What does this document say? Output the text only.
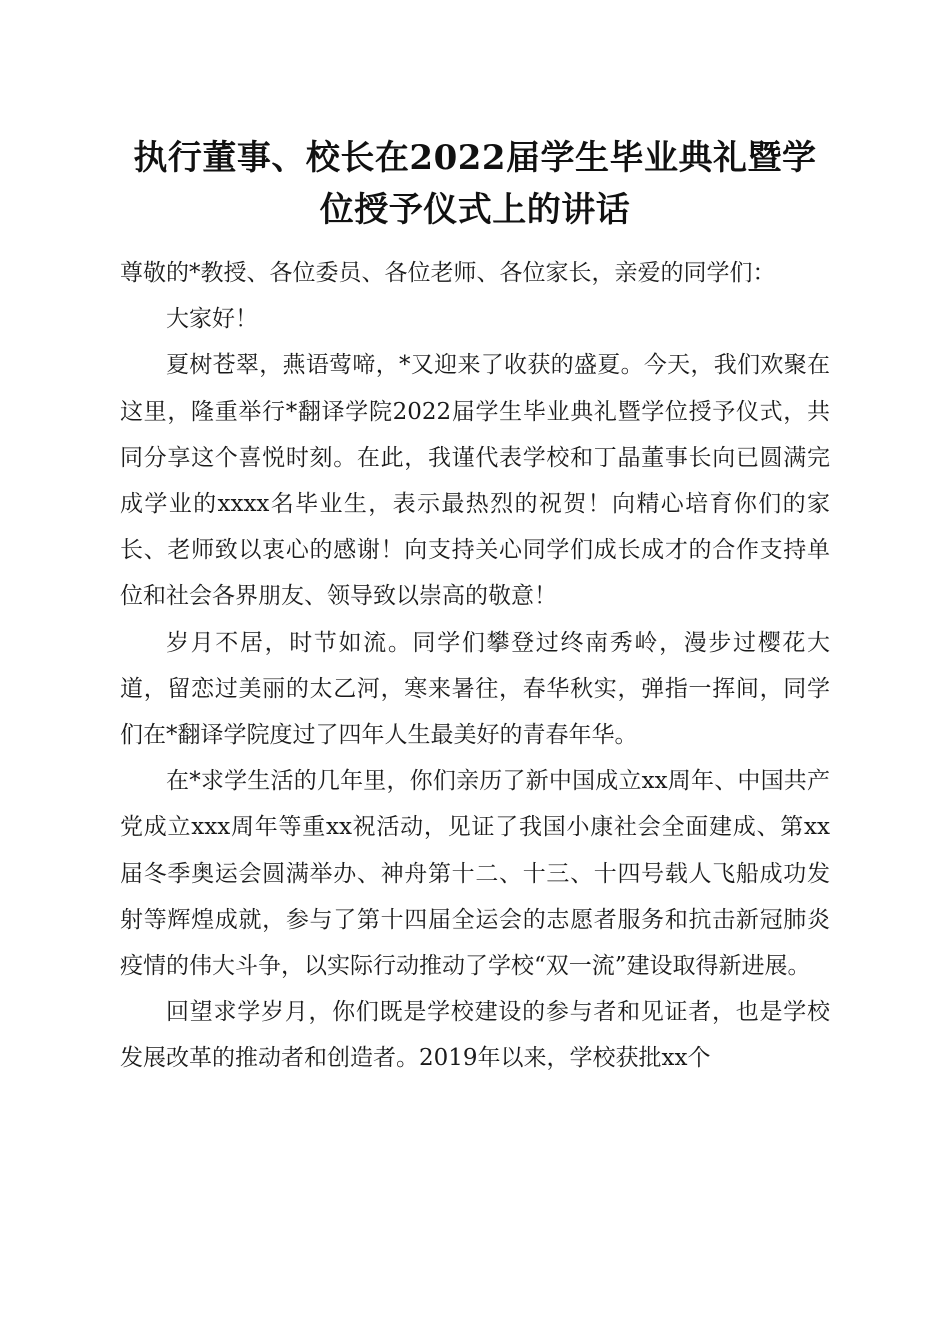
执行董事、校长在2022届学生毕业典礼暨学
位授予仪式上的讲话

尊敬的*教授、各位委员、各位老师、各位家长，亲爱的同学们：

大家好！

夏树苍翠，燕语莺啼，*又迎来了收获的盛夏。今天，我们欢聚在这里，隆重举行*翻译学院2022届学生毕业典礼暨学位授予仪式，共同分享这个喜悦时刻。在此，我谨代表学校和丁晶董事长向已圆满完成学业的xxxx名毕业生，表示最热烈的祝贺！向精心培育你们的家长、老师致以衷心的感谢！向支持关心同学们成长成才的合作支持单位和社会各界朋友、领导致以崇高的敬意！

岁月不居，时节如流。同学们攀登过终南秀岭，漫步过樱花大道，留恋过美丽的太乙河，寒来暑往，春华秋实，弹指一挥间，同学们在*翻译学院度过了四年人生最美好的青春年华。

在*求学生活的几年里，你们亲历了新中国成立xx周年、中国共产党成立xxx周年等重xx祝活动，见证了我国小康社会全面建成、第xx届冬季奥运会圆满举办、神舟第十二、十三、十四号载人飞船成功发射等辉煌成就，参与了第十四届全运会的志愿者服务和抗击新冠肺炎疫情的伟大斗争，以实际行动推动了学校“双一流”建设取得新进展。

回望求学岁月，你们既是学校建设的参与者和见证者，也是学校发展改革的推动者和创造者。2019年以来，学校获批xx个
